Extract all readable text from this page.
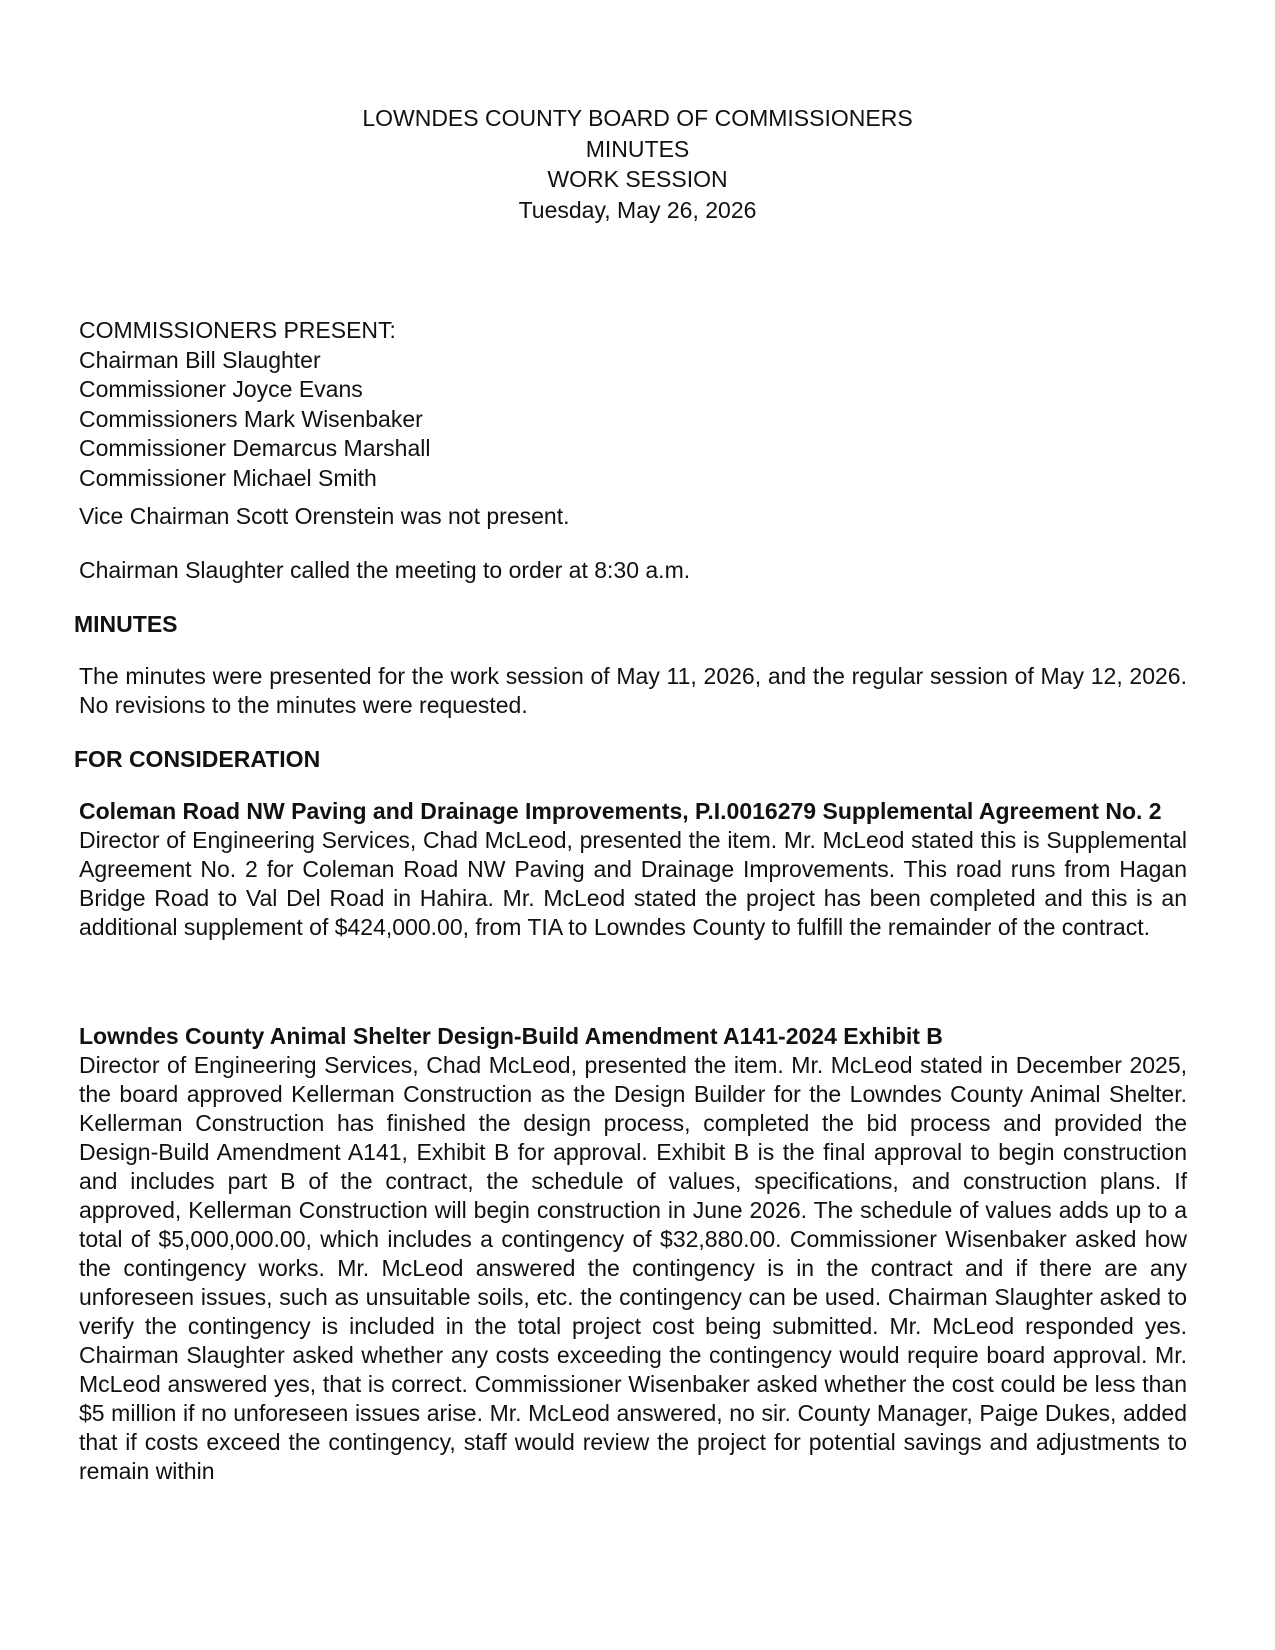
LOWNDES COUNTY BOARD OF COMMISSIONERS
MINUTES
WORK SESSION
Tuesday, May 26, 2026
COMMISSIONERS PRESENT:
Chairman Bill Slaughter
Commissioner Joyce Evans
Commissioners Mark Wisenbaker
Commissioner Demarcus Marshall
Commissioner Michael Smith
Vice Chairman Scott Orenstein was not present.
Chairman Slaughter called the meeting to order at 8:30 a.m.
MINUTES
The minutes were presented for the work session of May 11, 2026, and the regular session of May 12, 2026. No revisions to the minutes were requested.
FOR CONSIDERATION
Coleman Road NW Paving and Drainage Improvements, P.I.0016279 Supplemental Agreement No. 2
Director of Engineering Services, Chad McLeod, presented the item. Mr. McLeod stated this is Supplemental Agreement No. 2 for Coleman Road NW Paving and Drainage Improvements. This road runs from Hagan Bridge Road to Val Del Road in Hahira. Mr. McLeod stated the project has been completed and this is an additional supplement of $424,000.00, from TIA to Lowndes County to fulfill the remainder of the contract.
Lowndes County Animal Shelter Design-Build Amendment A141-2024 Exhibit B
Director of Engineering Services, Chad McLeod, presented the item. Mr. McLeod stated in December 2025, the board approved Kellerman Construction as the Design Builder for the Lowndes County Animal Shelter. Kellerman Construction has finished the design process, completed the bid process and provided the Design-Build Amendment A141, Exhibit B for approval. Exhibit B is the final approval to begin construction and includes part B of the contract, the schedule of values, specifications, and construction plans. If approved, Kellerman Construction will begin construction in June 2026. The schedule of values adds up to a total of $5,000,000.00, which includes a contingency of $32,880.00. Commissioner Wisenbaker asked how the contingency works. Mr. McLeod answered the contingency is in the contract and if there are any unforeseen issues, such as unsuitable soils, etc. the contingency can be used. Chairman Slaughter asked to verify the contingency is included in the total project cost being submitted. Mr. McLeod responded yes. Chairman Slaughter asked whether any costs exceeding the contingency would require board approval. Mr. McLeod answered yes, that is correct. Commissioner Wisenbaker asked whether the cost could be less than $5 million if no unforeseen issues arise. Mr. McLeod answered, no sir. County Manager, Paige Dukes, added that if costs exceed the contingency, staff would review the project for potential savings and adjustments to remain within
